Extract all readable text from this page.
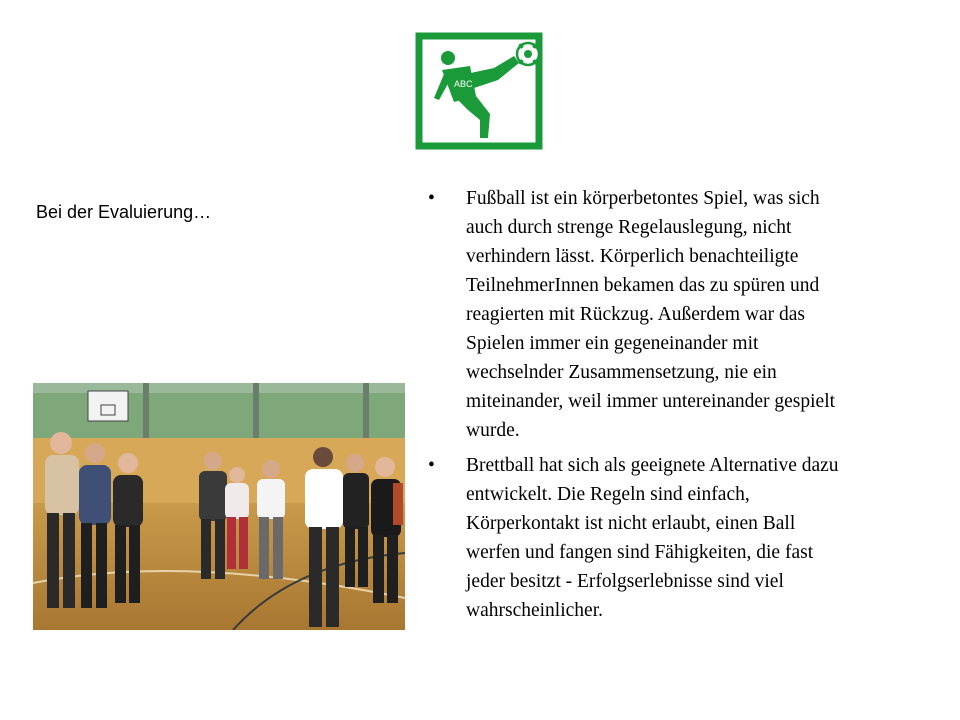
ABC
Bei der Evaluierung…
• Fußball ist ein körperbetontes Spiel, was sich auch durch strenge Regelauslegung, nicht verhindern lässt. Körperlich benachteiligte TeilnehmerInnen bekamen das zu spüren und reagierten mit Rückzug. Außerdem war das Spielen immer ein gegeneinander mit wechselnder Zusammensetzung, nie ein miteinander, weil immer untereinander gespielt wurde.
• Brettball hat sich als geeignete Alternative dazu entwickelt. Die Regeln sind einfach, Körperkontakt ist nicht erlaubt, einen Ball werfen und fangen sind Fähigkeiten, die fast jeder besitzt - Erfolgserlebnisse sind viel wahrscheinlicher.
